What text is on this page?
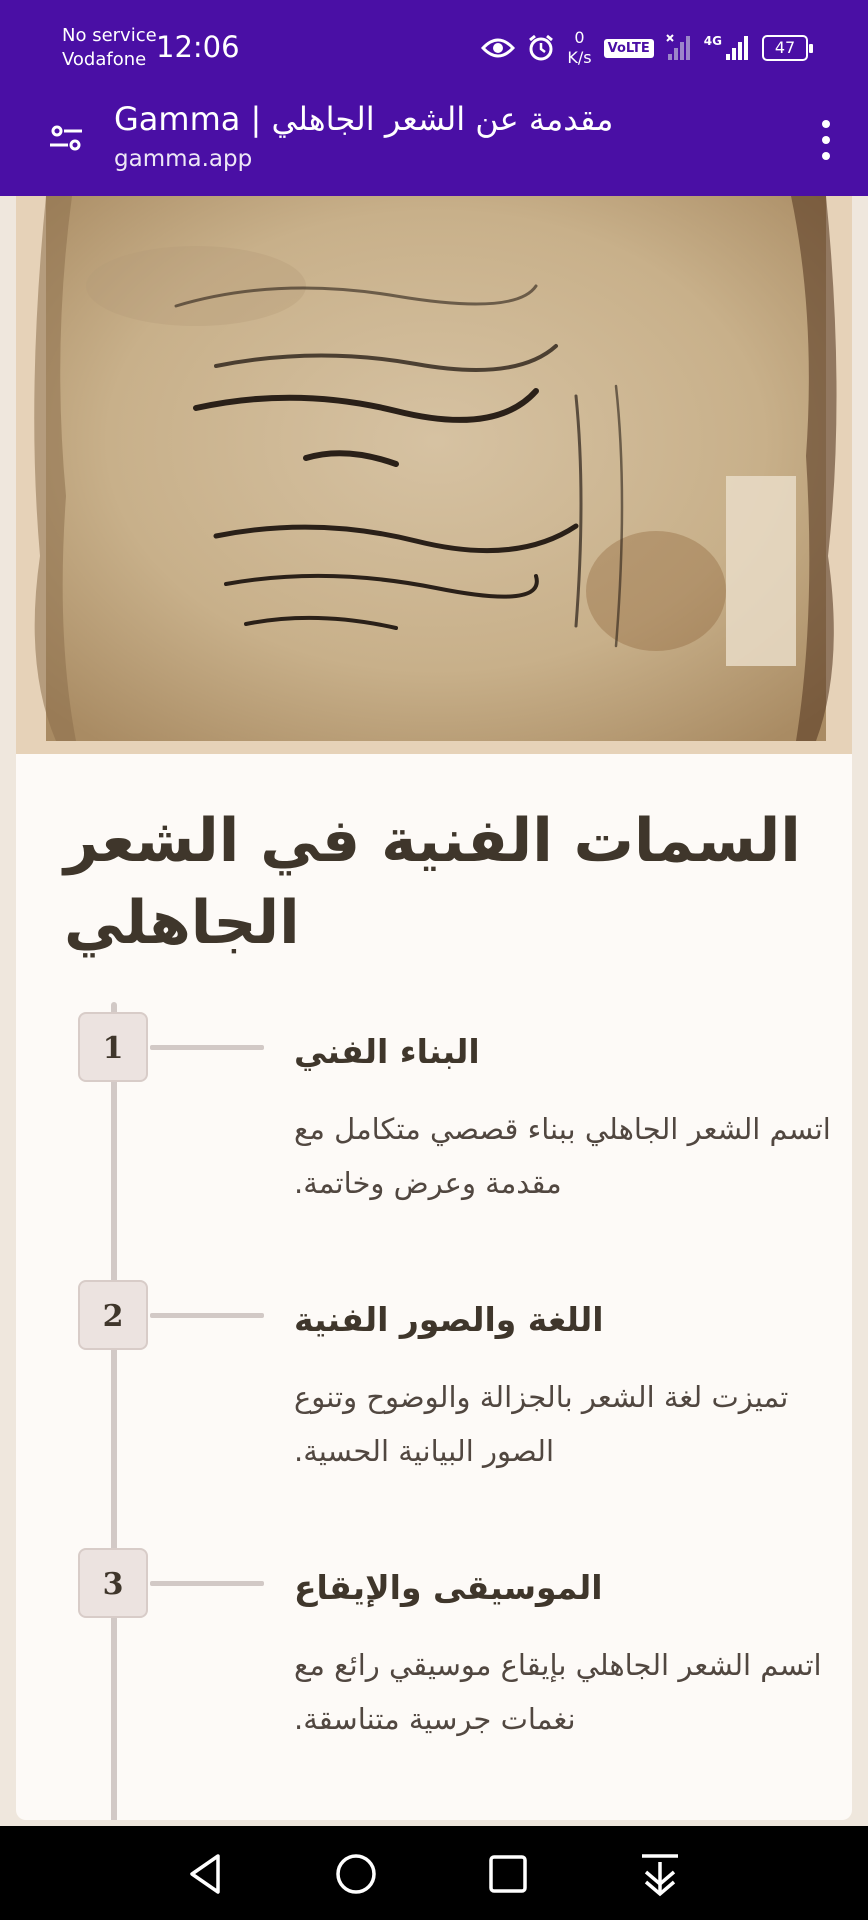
No service
Vodafone 12:06	0
K/s	VoLTE	4G	47
Gamma | مقدمة عن الشعر الجاهلي
gamma.app
السمات الفنية في الشعر الجاهلي
1	البناء الفني
اتسم الشعر الجاهلي ببناء قصصي متكامل مع مقدمة وعرض وخاتمة.
2	اللغة والصور الفنية
تميزت لغة الشعر بالجزالة والوضوح وتنوع الصور البيانية الحسية.
3	الموسيقى والإيقاع
اتسم الشعر الجاهلي بإيقاع موسيقي رائع مع نغمات جرسية متناسقة.
